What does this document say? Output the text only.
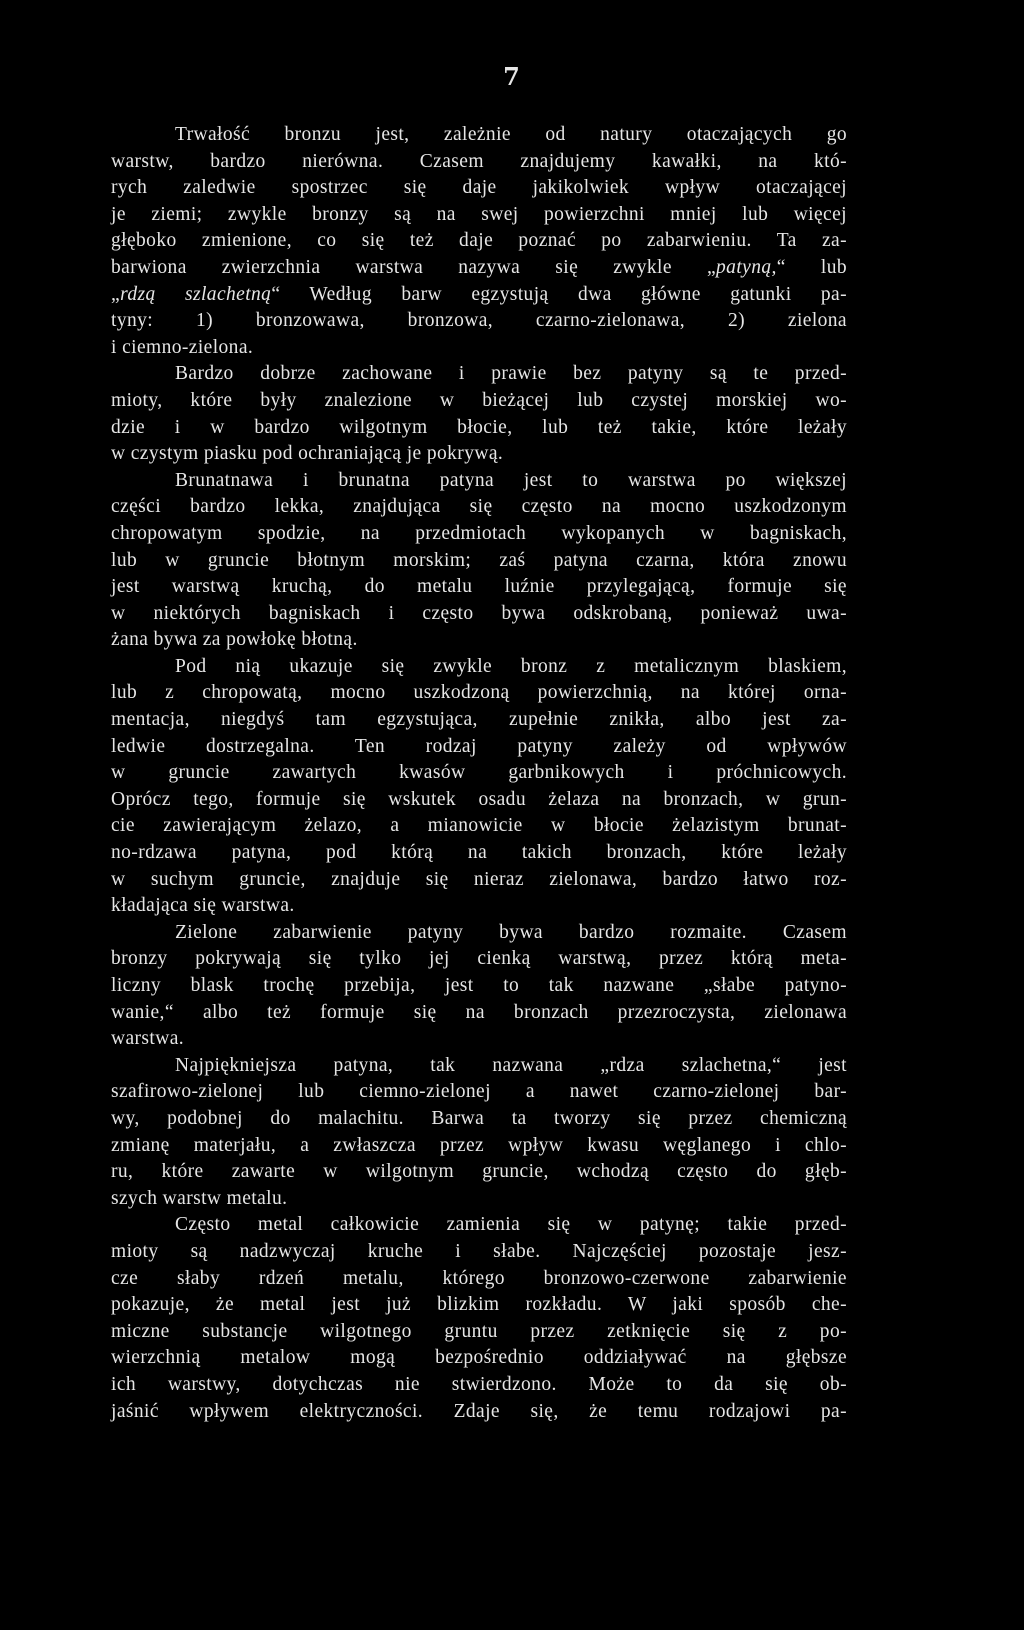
7
Trwałość bronzu jest, zależnie od natury otaczających go
warstw, bardzo nierówna. Czasem znajdujemy kawałki, na któ-
rych zaledwie spostrzec się daje jakikolwiek wpływ otaczającej
je ziemi; zwykle bronzy są na swej powierzchni mniej lub więcej
głęboko zmienione, co się też daje poznać po zabarwieniu. Ta za-
barwiona zwierzchnia warstwa nazywa się zwykle „patyną,“ lub
„rdzą szlachetną“ Według barw egzystują dwa główne gatunki pa-
tyny: 1) bronzowawa, bronzowa, czarno-zielonawa, 2) zielona
i ciemno-zielona.
Bardzo dobrze zachowane i prawie bez patyny są te przed-
mioty, które były znalezione w bieżącej lub czystej morskiej wo-
dzie i w bardzo wilgotnym błocie, lub też takie, które leżały
w czystym piasku pod ochraniającą je pokrywą.
Brunatnawa i brunatna patyna jest to warstwa po większej
części bardzo lekka, znajdująca się często na mocno uszkodzonym
chropowatym spodzie, na przedmiotach wykopanych w bagniskach,
lub w gruncie błotnym morskim; zaś patyna czarna, która znowu
jest warstwą kruchą, do metalu luźnie przylegającą, formuje się
w niektórych bagniskach i często bywa odskrobaną, ponieważ uwa-
żana bywa za powłokę błotną.
Pod nią ukazuje się zwykle bronz z metalicznym blaskiem,
lub z chropowatą, mocno uszkodzoną powierzchnią, na której orna-
mentacja, niegdyś tam egzystująca, zupełnie znikła, albo jest za-
ledwie dostrzegalna. Ten rodzaj patyny zależy od wpływów
w gruncie zawartych kwasów garbnikowych i próchnicowych.
Oprócz tego, formuje się wskutek osadu żelaza na bronzach, w grun-
cie zawierającym żelazo, a mianowicie w błocie żelazistym brunat-
no-rdzawa patyna, pod którą na takich bronzach, które leżały
w suchym gruncie, znajduje się nieraz zielonawa, bardzo łatwo roz-
kładająca się warstwa.
Zielone zabarwienie patyny bywa bardzo rozmaite. Czasem
bronzy pokrywają się tylko jej cienką warstwą, przez którą meta-
liczny blask trochę przebija, jest to tak nazwane „słabe patyno-
wanie,“ albo też formuje się na bronzach przezroczysta, zielonawa
warstwa.
Najpiękniejsza patyna, tak nazwana „rdza szlachetna,“ jest
szafirowo-zielonej lub ciemno-zielonej a nawet czarno-zielonej bar-
wy, podobnej do malachitu. Barwa ta tworzy się przez chemiczną
zmianę materjału, a zwłaszcza przez wpływ kwasu węglanego i chlo-
ru, które zawarte w wilgotnym gruncie, wchodzą często do głęb-
szych warstw metalu.
Często metal całkowicie zamienia się w patynę; takie przed-
mioty są nadzwyczaj kruche i słabe. Najczęściej pozostaje jesz-
cze słaby rdzeń metalu, którego bronzowo-czerwone zabarwienie
pokazuje, że metal jest już blizkim rozkładu. W jaki sposób che-
miczne substancje wilgotnego gruntu przez zetknięcie się z po-
wierzchnią metalow mogą bezpośrednio oddziaływać na głębsze
ich warstwy, dotychczas nie stwierdzono. Może to da się ob-
jaśnić wpływem elektryczności. Zdaje się, że temu rodzajowi pa-
